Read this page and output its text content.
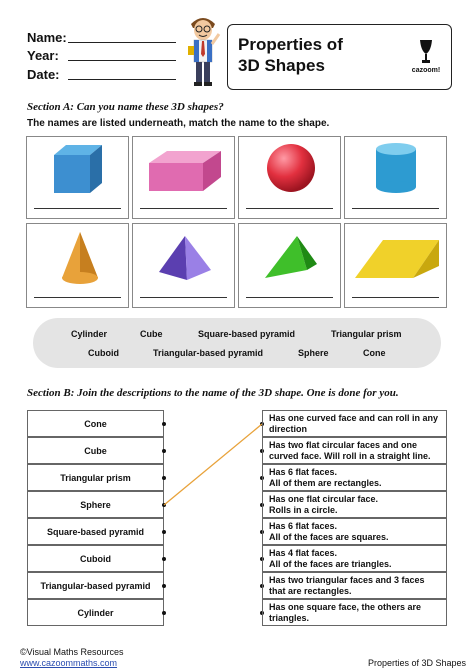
Name:
Year:
Date:
Properties of
3D Shapes	cazoom!
Section A: Can you name these 3D shapes?
The names are listed underneath, match the name to the shape.
Cylinder	Cube	Square-based pyramid	Triangular prism
Cuboid	Triangular-based pyramid	Sphere	Cone
Section B: Join the descriptions to the name of the 3D shape. One is done for you.
Cone
Cube
Triangular prism
Sphere
Square-based pyramid
Cuboid
Triangular-based pyramid
Cylinder
Has one curved face and can roll in any
direction
Has two flat circular faces and one
curved face. Will roll in a straight line.
Has 6 flat faces.
All of them are rectangles.
Has one flat circular face.
Rolls in a circle.
Has 6 flat faces.
All of the faces are squares.
Has 4 flat faces.
All of the faces are triangles.
Has two triangular faces and 3 faces
that are rectangles.
Has one square face, the others are
triangles.
©Visual Maths Resources
www.cazoommaths.com	Properties of 3D Shapes
